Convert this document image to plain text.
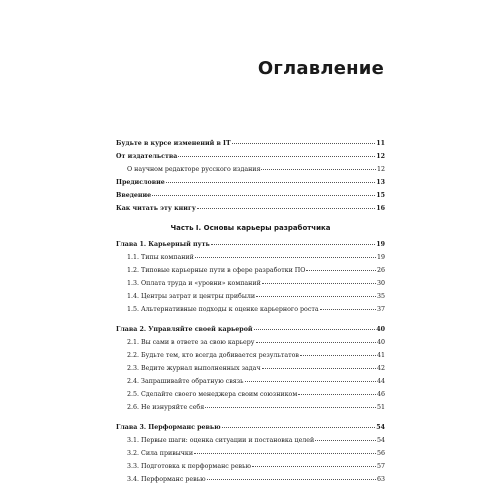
Оглавление
Будьте в курсе изменений в IT	11
От издательства	12
О научном редакторе русского издания	12
Предисловие	13
Введение	15
Как читать эту книгу	16
Часть I. Основы карьеры разработчика
Глава 1. Карьерный путь	19
1.1. Типы компаний	19
1.2. Типовые карьерные пути в сфере разработки ПО	26
1.3. Оплата труда и «уровни» компаний	30
1.4. Центры затрат и центры прибыли	35
1.5. Альтернативные подходы к оценке карьерного роста	37
Глава 2. Управляйте своей карьерой	40
2.1. Вы сами в ответе за свою карьеру	40
2.2. Будьте тем, кто всегда добивается результатов	41
2.3. Ведите журнал выполненных задач	42
2.4. Запрашивайте обратную связь	44
2.5. Сделайте своего менеджера своим союзником	46
2.6. Не изнуряйте себя	51
Глава 3. Перформанс ревью	54
3.1. Первые шаги: оценка ситуации и постановка целей	54
3.2. Сила привычки	56
3.3. Подготовка к перформанс ревью	57
3.4. Перформанс ревью	63
